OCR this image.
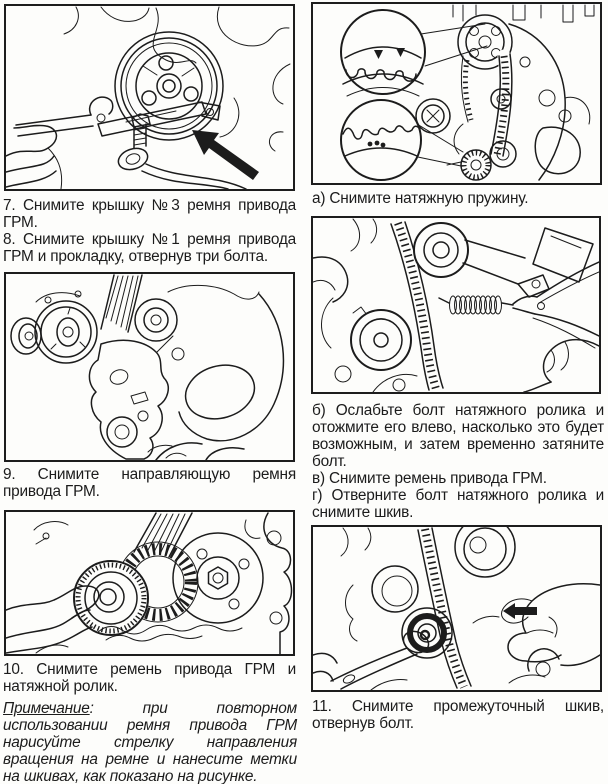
7. Снимите крышку №3 ремня привода ГРМ.

8. Снимите крышку №1 ремня привода ГРМ и прокладку, отвернув три болта.

9. Снимите направляющую ремня привода ГРМ.

10. Снимите ремень привода ГРМ и натяжной ролик.

Примечание: при повторном использовании ремня привода ГРМ нарисуйте стрелку направления вращения на ремне и нанесите метки на шкивах, как показано на рисунке.

а) Снимите натяжную пружину.

б) Ослабьте болт натяжного ролика и отожмите его влево, насколько это будет возможным, и затем временно затяните болт.

в) Снимите ремень привода ГРМ.

г) Отверните болт натяжного ролика и снимите шкив.

11. Снимите промежуточный шкив, отвернув болт.
